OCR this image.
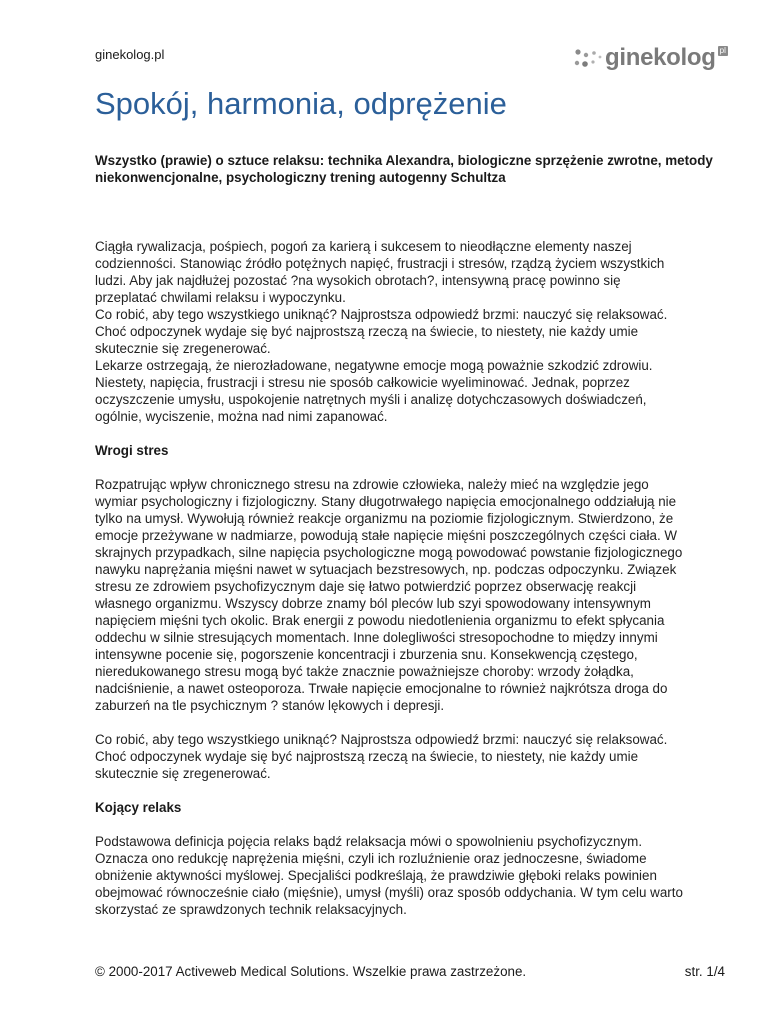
ginekolog.pl	ginekolog pl
Spokój, harmonia, odprężenie

Wszystko (prawie) o sztuce relaksu: technika Alexandra, biologiczne sprzężenie zwrotne, metody niekonwencjonalne, psychologiczny trening autogenny Schultza

Ciągła rywalizacja, pośpiech, pogoń za karierą i sukcesem to nieodłączne elementy naszej
codzienności. Stanowiąc źródło potężnych napięć, frustracji i stresów, rządzą życiem wszystkich
ludzi. Aby jak najdłużej pozostać ?na wysokich obrotach?, intensywną pracę powinno się
przeplatać chwilami relaksu i wypoczynku.
Co robić, aby tego wszystkiego uniknąć? Najprostsza odpowiedź brzmi: nauczyć się relaksować.
Choć odpoczynek wydaje się być najprostszą rzeczą na świecie, to niestety, nie każdy umie
skutecznie się zregenerować.
Lekarze ostrzegają, że nierozładowane, negatywne emocje mogą poważnie szkodzić zdrowiu.
Niestety, napięcia, frustracji i stresu nie sposób całkowicie wyeliminować. Jednak, poprzez
oczyszczenie umysłu, uspokojenie natrętnych myśli i analizę dotychczasowych doświadczeń,
ogólnie, wyciszenie, można nad nimi zapanować.

Wrogi stres

Rozpatrując wpływ chronicznego stresu na zdrowie człowieka, należy mieć na względzie jego
wymiar psychologiczny i fizjologiczny. Stany długotrwałego napięcia emocjonalnego oddziałują nie
tylko na umysł. Wywołują również reakcje organizmu na poziomie fizjologicznym. Stwierdzono, że
emocje przeżywane w nadmiarze, powodują stałe napięcie mięśni poszczególnych części ciała. W
skrajnych przypadkach, silne napięcia psychologiczne mogą powodować powstanie fizjologicznego
nawyku naprężania mięśni nawet w sytuacjach bezstresowych, np. podczas odpoczynku. Związek
stresu ze zdrowiem psychofizycznym daje się łatwo potwierdzić poprzez obserwację reakcji
własnego organizmu. Wszyscy dobrze znamy ból pleców lub szyi spowodowany intensywnym
napięciem mięśni tych okolic. Brak energii z powodu niedotlenienia organizmu to efekt spłycania
oddechu w silnie stresujących momentach. Inne dolegliwości stresopochodne to między innymi
intensywne pocenie się, pogorszenie koncentracji i zburzenia snu. Konsekwencją częstego,
nieredukowanego stresu mogą być także znacznie poważniejsze choroby: wrzody żołądka,
nadciśnienie, a nawet osteoporoza. Trwałe napięcie emocjonalne to również najkrótsza droga do
zaburzeń na tle psychicznym ? stanów lękowych i depresji.

Co robić, aby tego wszystkiego uniknąć? Najprostsza odpowiedź brzmi: nauczyć się relaksować.
Choć odpoczynek wydaje się być najprostszą rzeczą na świecie, to niestety, nie każdy umie
skutecznie się zregenerować.

Kojący relaks

Podstawowa definicja pojęcia relaks bądź relaksacja mówi o spowolnieniu psychofizycznym.
Oznacza ono redukcję naprężenia mięśni, czyli ich rozluźnienie oraz jednoczesne, świadome
obniżenie aktywności myślowej. Specjaliści podkreślają, że prawdziwie głęboki relaks powinien
obejmować równocześnie ciało (mięśnie), umysł (myśli) oraz sposób oddychania. W tym celu warto
skorzystać ze sprawdzonych technik relaksacyjnych.

© 2000-2017 Activeweb Medical Solutions. Wszelkie prawa zastrzeżone.	str. 1/4
